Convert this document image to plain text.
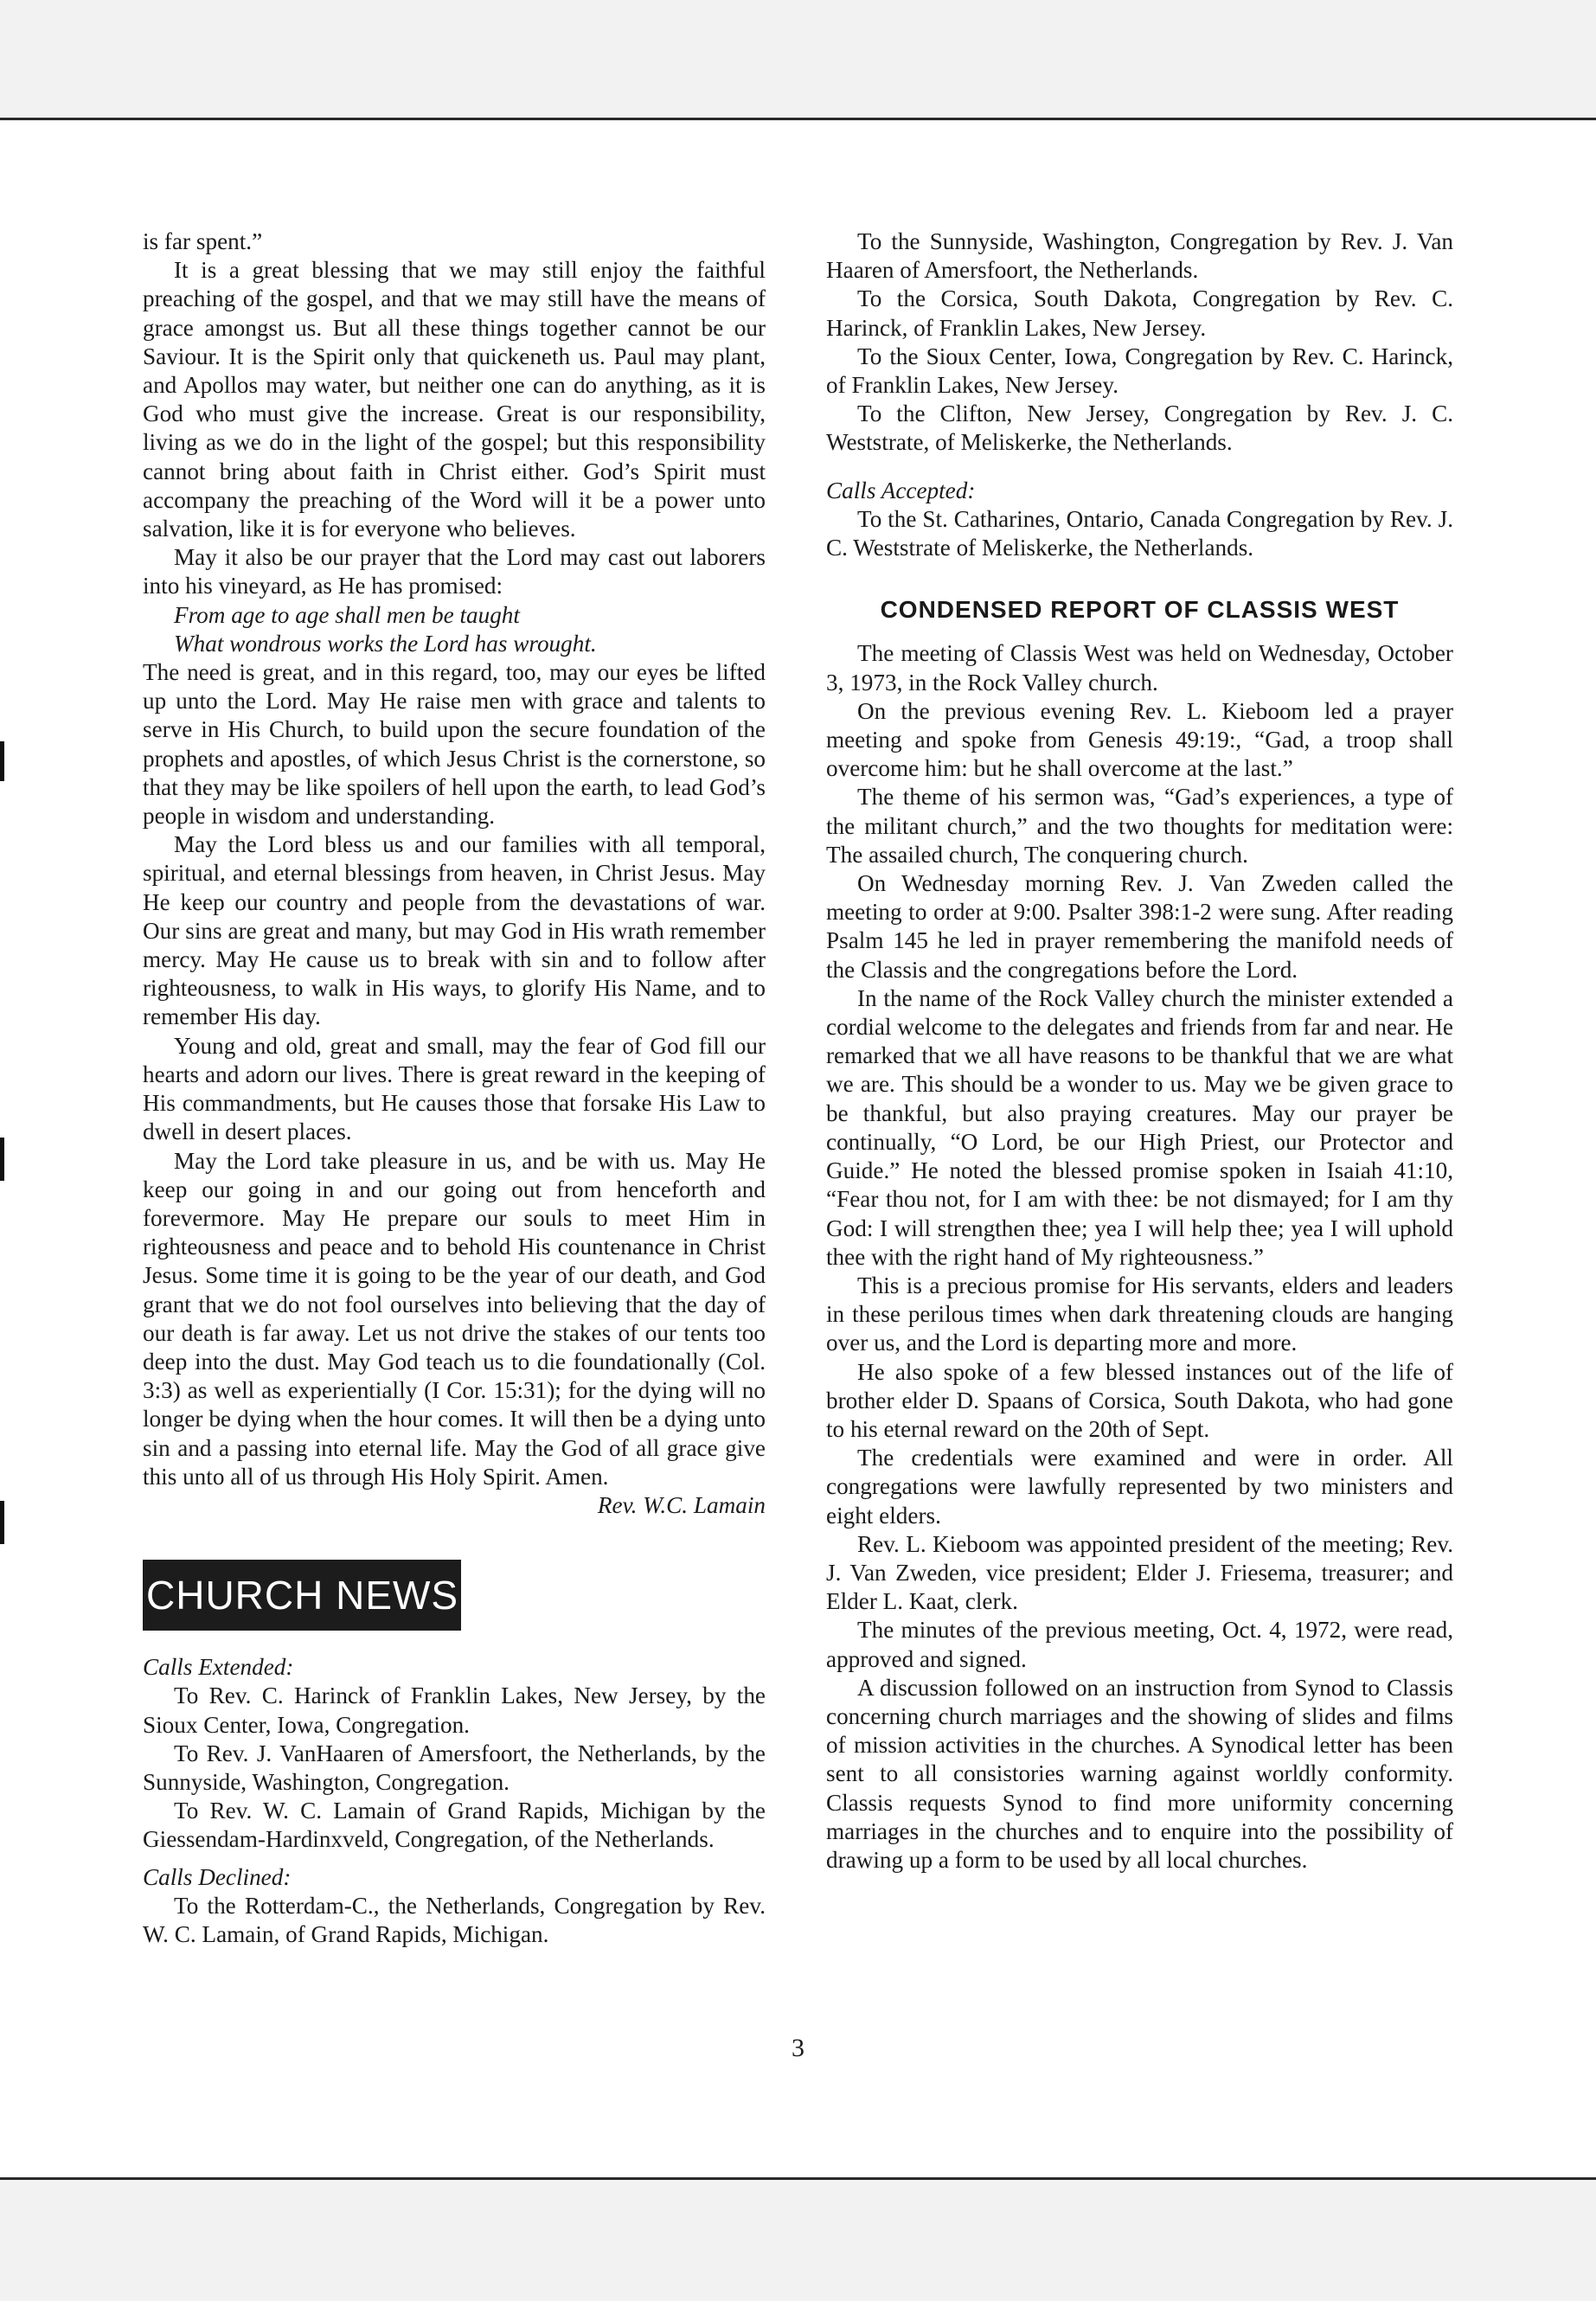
is far spent.”

It is a great blessing that we may still enjoy the faithful preaching of the gospel, and that we may still have the means of grace amongst us. But all these things together cannot be our Saviour. It is the Spirit only that quickeneth us. Paul may plant, and Apollos may water, but neither one can do anything, as it is God who must give the increase. Great is our responsibility, living as we do in the light of the gospel; but this responsibility cannot bring about faith in Christ either. God’s Spirit must accompany the preaching of the Word will it be a power unto salvation, like it is for everyone who believes.

May it also be our prayer that the Lord may cast out laborers into his vineyard, as He has promised:

From age to age shall men be taught

What wondrous works the Lord has wrought.

The need is great, and in this regard, too, may our eyes be lifted up unto the Lord. May He raise men with grace and talents to serve in His Church, to build upon the secure foundation of the prophets and apostles, of which Jesus Christ is the cornerstone, so that they may be like spoilers of hell upon the earth, to lead God’s people in wisdom and understanding.

May the Lord bless us and our families with all temporal, spiritual, and eternal blessings from heaven, in Christ Jesus. May He keep our country and people from the devastations of war. Our sins are great and many, but may God in His wrath remember mercy. May He cause us to break with sin and to follow after righteousness, to walk in His ways, to glorify His Name, and to remember His day.

Young and old, great and small, may the fear of God fill our hearts and adorn our lives. There is great reward in the keeping of His commandments, but He causes those that forsake His Law to dwell in desert places.

May the Lord take pleasure in us, and be with us. May He keep our going in and our going out from henceforth and forevermore. May He prepare our souls to meet Him in righteousness and peace and to behold His countenance in Christ Jesus. Some time it is going to be the year of our death, and God grant that we do not fool ourselves into believing that the day of our death is far away. Let us not drive the stakes of our tents too deep into the dust. May God teach us to die foundationally (Col. 3:3) as well as experientially (I Cor. 15:31); for the dying will no longer be dying when the hour comes. It will then be a dying unto sin and a passing into eternal life. May the God of all grace give this unto all of us through His Holy Spirit. Amen.

Rev. W.C. Lamain

CHURCH NEWS

Calls Extended:

To Rev. C. Harinck of Franklin Lakes, New Jersey, by the Sioux Center, Iowa, Congregation.

To Rev. J. VanHaaren of Amersfoort, the Netherlands, by the Sunnyside, Washington, Congregation.

To Rev. W. C. Lamain of Grand Rapids, Michigan by the Giessendam-Hardinxveld, Congregation, of the Netherlands.

Calls Declined:

To the Rotterdam-C., the Netherlands, Congregation by Rev. W. C. Lamain, of Grand Rapids, Michigan.

To the Sunnyside, Washington, Congregation by Rev. J. Van Haaren of Amersfoort, the Netherlands.

To the Corsica, South Dakota, Congregation by Rev. C. Harinck, of Franklin Lakes, New Jersey.

To the Sioux Center, Iowa, Congregation by Rev. C. Harinck, of Franklin Lakes, New Jersey.

To the Clifton, New Jersey, Congregation by Rev. J. C. Weststrate, of Meliskerke, the Netherlands.

Calls Accepted:

To the St. Catharines, Ontario, Canada Congregation by Rev. J. C. Weststrate of Meliskerke, the Netherlands.

CONDENSED REPORT OF CLASSIS WEST

The meeting of Classis West was held on Wednesday, October 3, 1973, in the Rock Valley church.

On the previous evening Rev. L. Kieboom led a prayer meeting and spoke from Genesis 49:19:, “Gad, a troop shall overcome him: but he shall overcome at the last.”

The theme of his sermon was, “Gad’s experiences, a type of the militant church,” and the two thoughts for meditation were: The assailed church, The conquering church.

On Wednesday morning Rev. J. Van Zweden called the meeting to order at 9:00. Psalter 398:1-2 were sung. After reading Psalm 145 he led in prayer remembering the manifold needs of the Classis and the congregations before the Lord.

In the name of the Rock Valley church the minister extended a cordial welcome to the delegates and friends from far and near. He remarked that we all have reasons to be thankful that we are what we are. This should be a wonder to us. May we be given grace to be thankful, but also praying creatures. May our prayer be continually, “O Lord, be our High Priest, our Protector and Guide.” He noted the blessed promise spoken in Isaiah 41:10, “Fear thou not, for I am with thee: be not dismayed; for I am thy God: I will strengthen thee; yea I will help thee; yea I will uphold thee with the right hand of My righteousness.”

This is a precious promise for His servants, elders and leaders in these perilous times when dark threatening clouds are hanging over us, and the Lord is departing more and more.

He also spoke of a few blessed instances out of the life of brother elder D. Spaans of Corsica, South Dakota, who had gone to his eternal reward on the 20th of Sept.

The credentials were examined and were in order. All congregations were lawfully represented by two ministers and eight elders.

Rev. L. Kieboom was appointed president of the meeting; Rev. J. Van Zweden, vice president; Elder J. Friesema, treasurer; and Elder L. Kaat, clerk.

The minutes of the previous meeting, Oct. 4, 1972, were read, approved and signed.

A discussion followed on an instruction from Synod to Classis concerning church marriages and the showing of slides and films of mission activities in the churches. A Synodical letter has been sent to all consistories warning against worldly conformity. Classis requests Synod to find more uniformity concerning marriages in the churches and to enquire into the possibility of drawing up a form to be used by all local churches.

3
